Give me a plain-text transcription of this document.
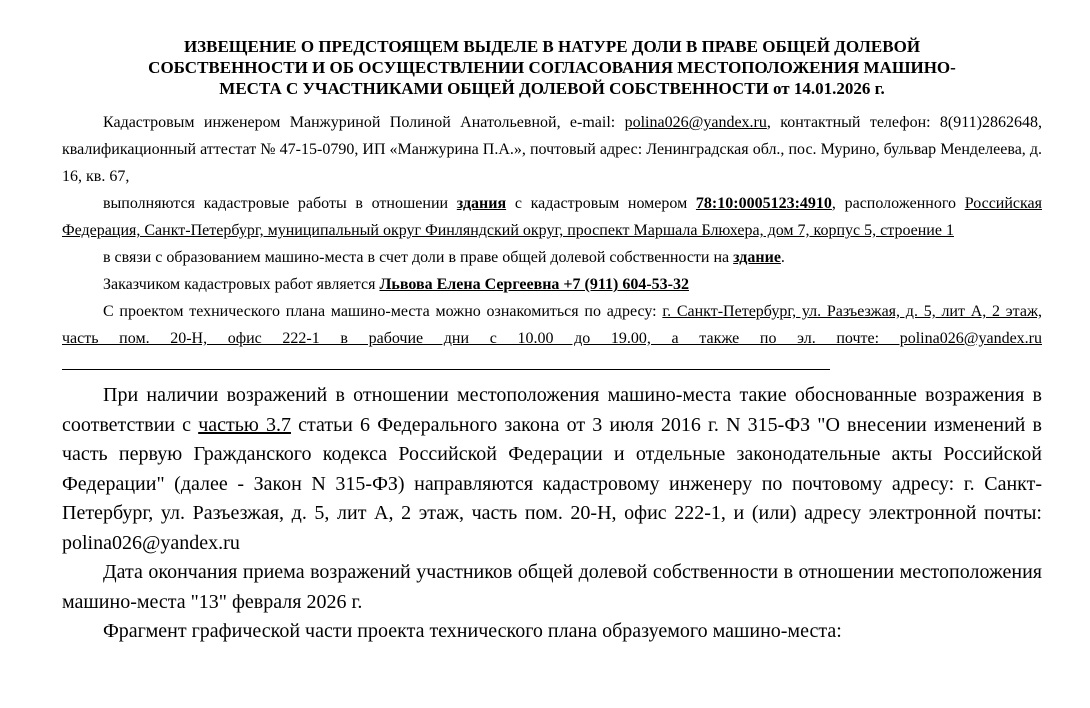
ИЗВЕЩЕНИЕ О ПРЕДСТОЯЩЕМ ВЫДЕЛЕ В НАТУРЕ ДОЛИ В ПРАВЕ ОБЩЕЙ ДОЛЕВОЙ
СОБСТВЕННОСТИ И ОБ ОСУЩЕСТВЛЕНИИ СОГЛАСОВАНИЯ МЕСТОПОЛОЖЕНИЯ МАШИНО-
МЕСТА С УЧАСТНИКАМИ ОБЩЕЙ ДОЛЕВОЙ СОБСТВЕННОСТИ от 14.01.2026 г.

Кадастровым инженером Манжуриной Полиной Анатольевной, e-mail: polina026@yandex.ru, контактный телефон: 8(911)2862648, квалификационный аттестат № 47-15-0790, ИП «Манжурина П.А.», почтовый адрес: Ленинградская обл., пос. Мурино, бульвар Менделеева, д. 16, кв. 67,

выполняются кадастровые работы в отношении здания с кадастровым номером 78:10:0005123:4910, расположенного Российская Федерация, Санкт-Петербург, муниципальный округ Финляндский округ, проспект Маршала Блюхера, дом 7, корпус 5, строение 1

в связи с образованием машино-места в счет доли в праве общей долевой собственности на здание.

Заказчиком кадастровых работ является Львова Елена Сергеевна +7 (911) 604-53-32

С проектом технического плана машино-места можно ознакомиться по адресу: г. Санкт-Петербург, ул. Разъезжая, д. 5, лит А, 2 этаж, часть пом. 20-Н, офис 222-1 в рабочие дни с 10.00 до 19.00, а также по эл. почте: polina026@yandex.ru

При наличии возражений в отношении местоположения машино-места такие обоснованные возражения в соответствии с частью 3.7 статьи 6 Федерального закона от 3 июля 2016 г. N 315-ФЗ "О внесении изменений в часть первую Гражданского кодекса Российской Федерации и отдельные законодательные акты Российской Федерации" (далее - Закон N 315-ФЗ) направляются кадастровому инженеру по почтовому адресу: г. Санкт-Петербург, ул. Разъезжая, д. 5, лит А, 2 этаж, часть пом. 20-Н, офис 222-1, и (или) адресу электронной почты: polina026@yandex.ru

Дата окончания приема возражений участников общей долевой собственности в отношении местоположения машино-места "13" февраля 2026 г.

Фрагмент графической части проекта технического плана образуемого машино-места:
